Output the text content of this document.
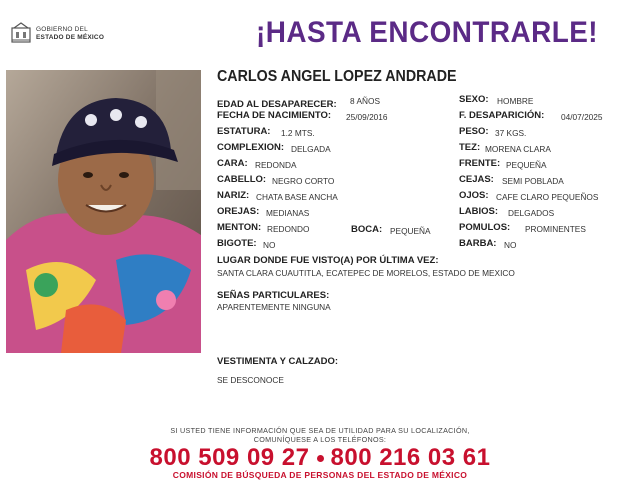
GOBIERNO DEL
ESTADO DE MÉXICO	¡HASTA ENCONTRARLE!
CARLOS ANGEL LOPEZ ANDRADE
EDAD AL DESAPARECER: 8 AÑOS
FECHA DE NACIMIENTO: 25/09/2016
ESTATURA: 1.2 MTS.
COMPLEXION: DELGADA
CARA: REDONDA
CABELLO: NEGRO CORTO
NARIZ: CHATA BASE ANCHA
OREJAS: MEDIANAS
MENTON: REDONDO	BOCA: PEQUEÑA
BIGOTE: NO
SEXO: HOMBRE
F. DESAPARICIÓN: 04/07/2025
PESO: 37 KGS.
TEZ: MORENA CLARA
FRENTE: PEQUEÑA
CEJAS: SEMI POBLADA
OJOS: CAFE CLARO PEQUEÑOS
LABIOS: DELGADOS
POMULOS: PROMINENTES
BARBA: NO
LUGAR DONDE FUE VISTO(A) POR ÚLTIMA VEZ:
SANTA CLARA CUAUTITLA, ECATEPEC DE MORELOS, ESTADO DE MEXICO
SEÑAS PARTICULARES:
APARENTEMENTE NINGUNA
VESTIMENTA Y CALZADO:
SE DESCONOCE
SI USTED TIENE INFORMACIÓN QUE SEA DE UTILIDAD PARA SU LOCALIZACIÓN,
COMUNÍQUESE A LOS TELÉFONOS:
800 509 09 27 800 216 03 61
COMISIÓN DE BÚSQUEDA DE PERSONAS DEL ESTADO DE MÉXICO
